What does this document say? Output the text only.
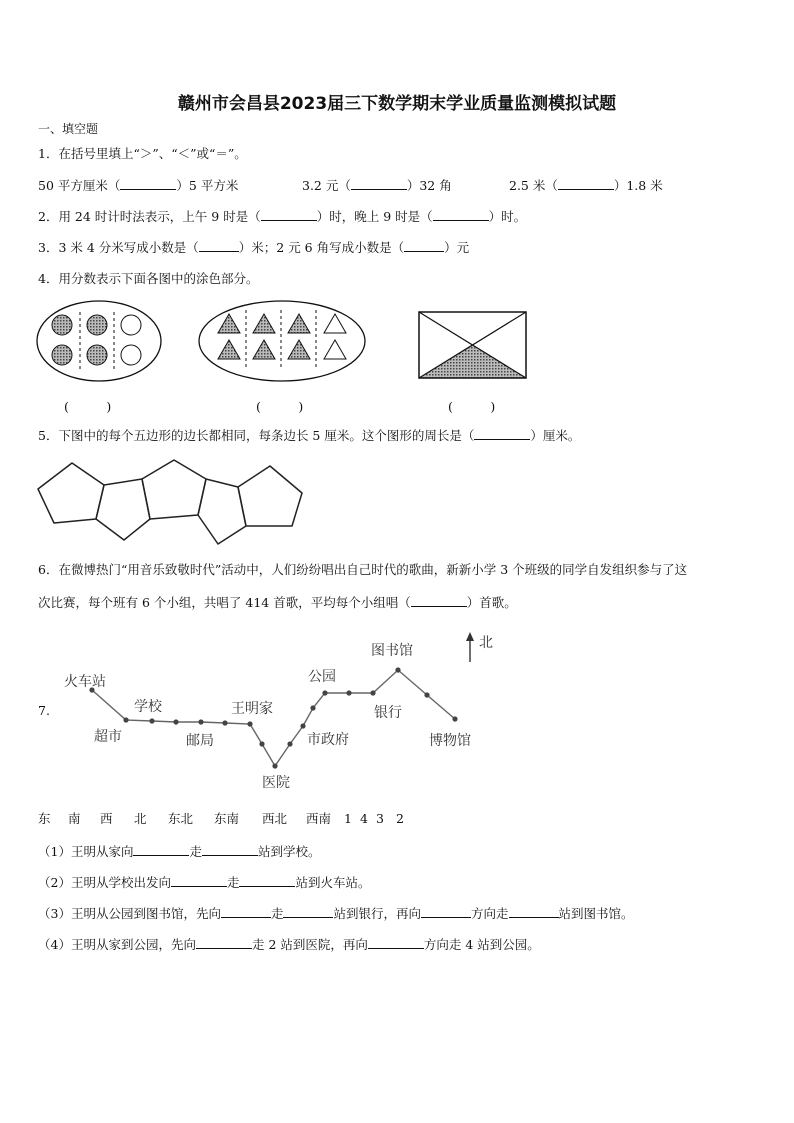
赣州市会昌县2023届三下数学期末学业质量监测模拟试题
一、填空题
1．在括号里填上“＞”、“＜”或“＝”。
50 平方厘米（	）5 平方米	3.2 元（	）32 角	2.5 米（	）1.8 米
2．用 24 时计时法表示，上午 9 时是（	）时，晚上 9 时是（	）时。
3．3 米 4 分米写成小数是（	）米；2 元 6 角写成小数是（	）元
4．用分数表示下面各图中的涂色部分。
(　　　)	(　　　)	(　　　)
5．下图中的每个五边形的边长都相同，每条边长 5 厘米。这个图形的周长是（	）厘米。
6．在微博热门“用音乐致敬时代”活动中，人们纷纷唱出自己时代的歌曲，新新小学 3 个班级的同学自发组织参与了这
次比赛，每个班有 6 个小组，共唱了 414 首歌，平均每个小组唱（	）首歌。
7.
北
火车站
超市
学校
邮局
王明家
医院
市政府
公园
银行
图书馆
博物馆
东 南 西 北 东北 东南 西北 西南 1 4 3 2
（1）王明从家向	走	站到学校。
（2）王明从学校出发向	走	站到火车站。
（3）王明从公园到图书馆，先向	走	站到银行，再向	方向走	站到图书馆。
（4）王明从家到公园，先向	走 2 站到医院，再向	方向走 4 站到公园。
